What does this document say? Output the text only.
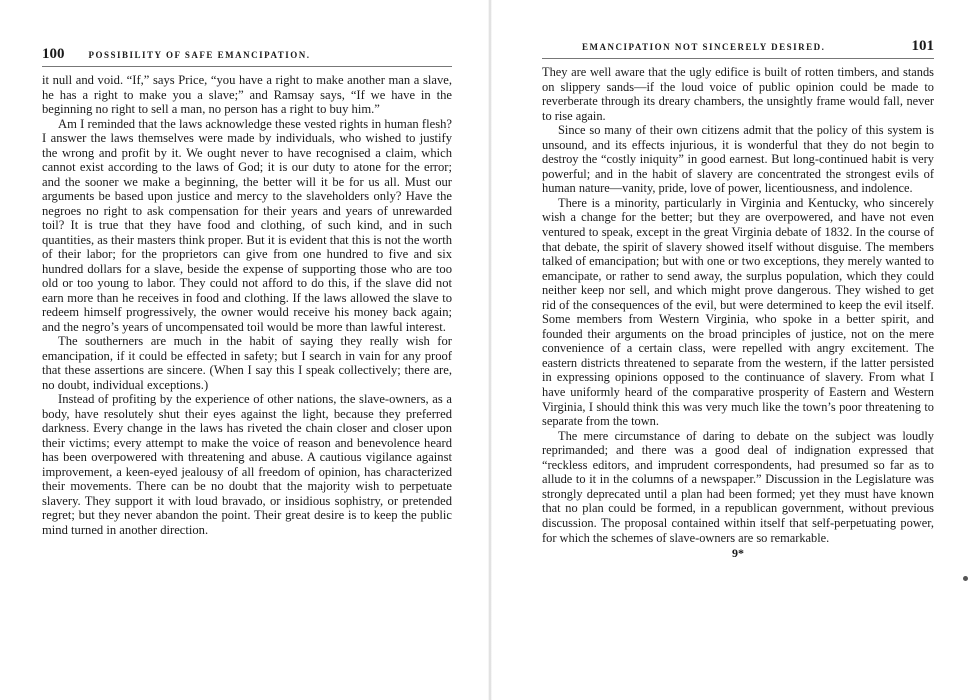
100	POSSIBILITY OF SAFE EMANCIPATION.

it null and void. “If,” says Price, “you have a right to make another man a slave, he has a right to make you a slave;” and Ramsay says, “If we have in the beginning no right to sell a man, no person has a right to buy him.”

Am I reminded that the laws acknowledge these vested rights in human flesh? I answer the laws themselves were made by individuals, who wished to justify the wrong and profit by it. We ought never to have recognised a claim, which cannot exist according to the laws of God; it is our duty to atone for the error; and the sooner we make a beginning, the better will it be for us all. Must our arguments be based upon justice and mercy to the slaveholders only? Have the negroes no right to ask compensation for their years and years of unrewarded toil? It is true that they have food and clothing, of such kind, and in such quantities, as their masters think proper. But it is evident that this is not the worth of their labor; for the proprietors can give from one hundred to five and six hundred dollars for a slave, beside the expense of supporting those who are too old or too young to labor. They could not afford to do this, if the slave did not earn more than he receives in food and clothing. If the laws allowed the slave to redeem himself progressively, the owner would receive his money back again; and the negro’s years of uncompensated toil would be more than lawful interest.

The southerners are much in the habit of saying they really wish for emancipation, if it could be effected in safety; but I search in vain for any proof that these assertions are sincere. (When I say this I speak collectively; there are, no doubt, individual exceptions.)

Instead of profiting by the experience of other nations, the slave-owners, as a body, have resolutely shut their eyes against the light, because they preferred darkness. Every change in the laws has riveted the chain closer and closer upon their victims; every attempt to make the voice of reason and benevolence heard has been overpowered with threatening and abuse. A cautious vigilance against improvement, a keen-eyed jealousy of all freedom of opinion, has characterized their movements. There can be no doubt that the majority wish to perpetuate slavery. They support it with loud bravado, or insidious sophistry, or pretended regret; but they never abandon the point. Their great desire is to keep the public mind turned in another direction.

EMANCIPATION NOT SINCERELY DESIRED.	101

They are well aware that the ugly edifice is built of rotten timbers, and stands on slippery sands—if the loud voice of public opinion could be made to reverberate through its dreary chambers, the unsightly frame would fall, never to rise again.

Since so many of their own citizens admit that the policy of this system is unsound, and its effects injurious, it is wonderful that they do not begin to destroy the “costly iniquity” in good earnest. But long-continued habit is very powerful; and in the habit of slavery are concentrated the strongest evils of human nature—vanity, pride, love of power, licentiousness, and indolence.

There is a minority, particularly in Virginia and Kentucky, who sincerely wish a change for the better; but they are overpowered, and have not even ventured to speak, except in the great Virginia debate of 1832. In the course of that debate, the spirit of slavery showed itself without disguise. The members talked of emancipation; but with one or two exceptions, they merely wanted to emancipate, or rather to send away, the surplus population, which they could neither keep nor sell, and which might prove dangerous. They wished to get rid of the consequences of the evil, but were determined to keep the evil itself. Some members from Western Virginia, who spoke in a better spirit, and founded their arguments on the broad principles of justice, not on the mere convenience of a certain class, were repelled with angry excitement. The eastern districts threatened to separate from the western, if the latter persisted in expressing opinions opposed to the continuance of slavery. From what I have uniformly heard of the comparative prosperity of Eastern and Western Virginia, I should think this was very much like the town’s poor threatening to separate from the town.

The mere circumstance of daring to debate on the subject was loudly reprimanded; and there was a good deal of indignation expressed that “reckless editors, and imprudent correspondents, had presumed so far as to allude to it in the columns of a newspaper.” Discussion in the Legislature was strongly deprecated until a plan had been formed; yet they must have known that no plan could be formed, in a republican government, without previous discussion. The proposal contained within itself that self-perpetuating power, for which the schemes of slave-owners are so remarkable.

9*
